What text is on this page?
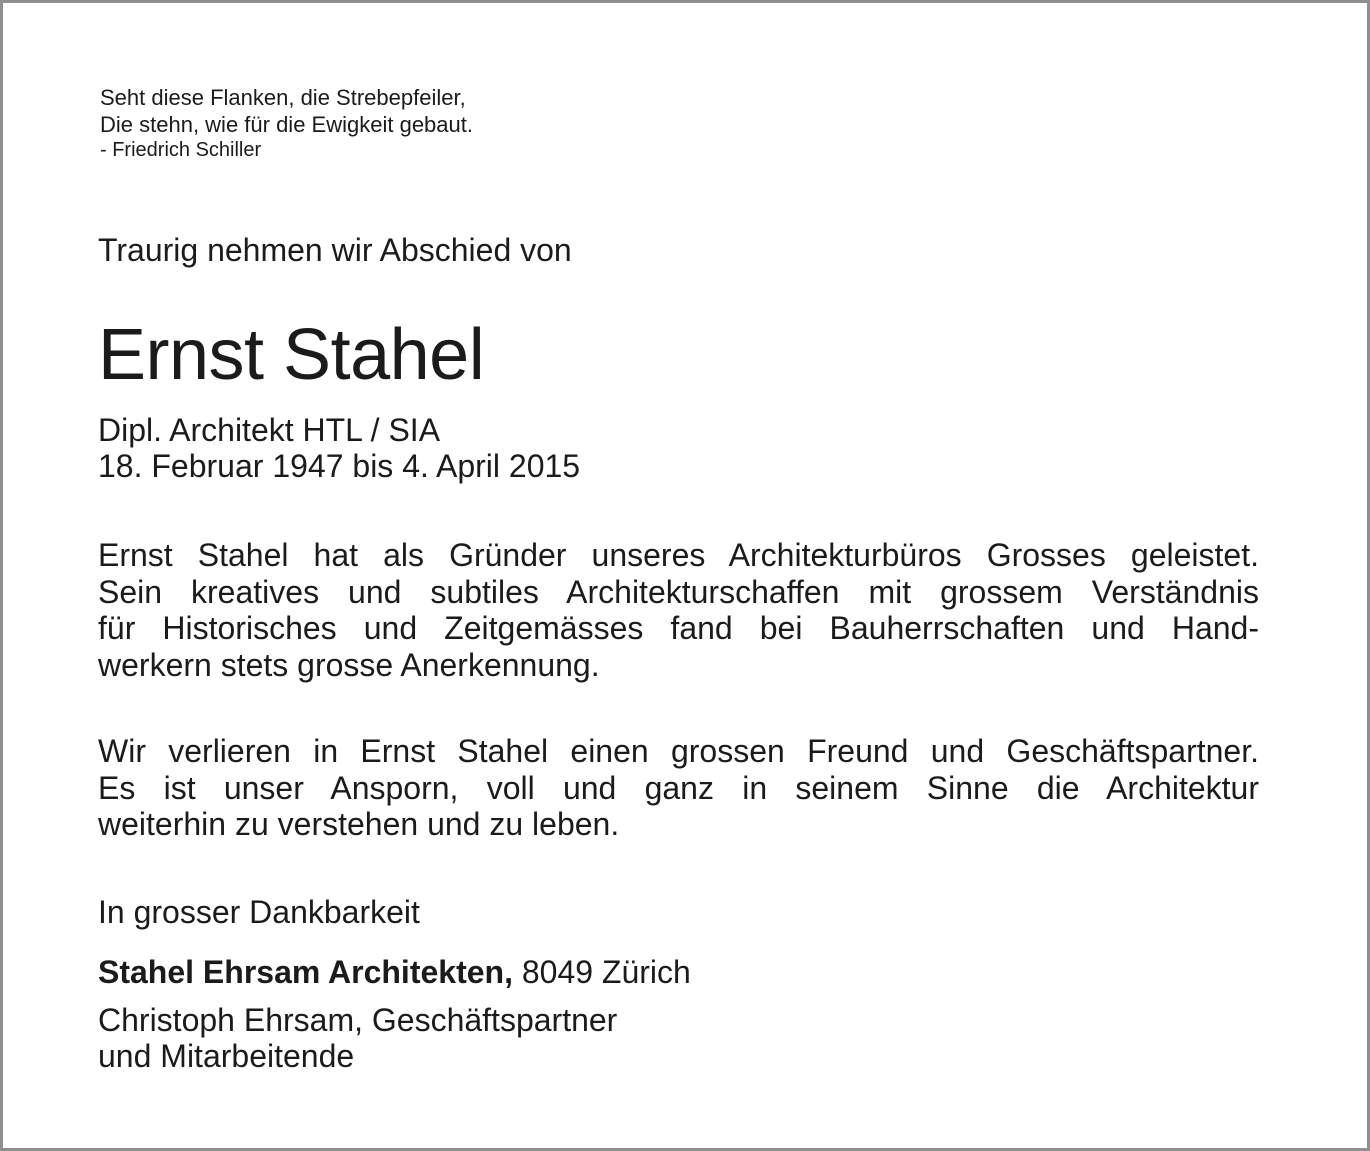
Seht diese Flanken, die Strebepfeiler,
Die stehn, wie für die Ewigkeit gebaut.
- Friedrich Schiller
Traurig nehmen wir Abschied von
Ernst Stahel
Dipl. Architekt HTL / SIA
18. Februar 1947 bis 4. April 2015
Ernst Stahel hat als Gründer unseres Architekturbüros Grosses geleistet.
Sein kreatives und subtiles Architekturschaffen mit grossem Verständnis
für Historisches und Zeitgemässes fand bei Bauherrschaften und Hand-
werkern stets grosse Anerkennung.
Wir verlieren in Ernst Stahel einen grossen Freund und Geschäftspartner.
Es ist unser Ansporn, voll und ganz in seinem Sinne die Architektur
weiterhin zu verstehen und zu leben.
In grosser Dankbarkeit
Stahel Ehrsam Architekten, 8049 Zürich
Christoph Ehrsam, Geschäftspartner
und Mitarbeitende
